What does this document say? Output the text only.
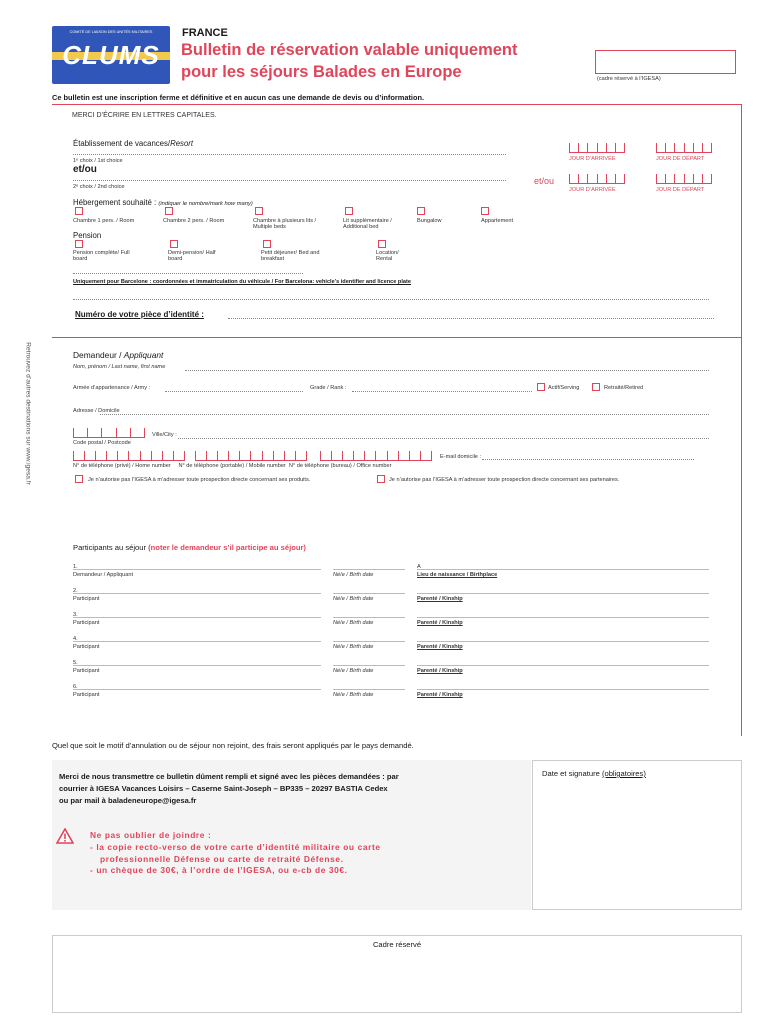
COMITÉ DE LIAISON DES UNITÉS MILITAIRES
CLUMS
FRANCE
Bulletin de réservation valable uniquement
pour les séjours Balades en Europe	(cadre réservé à l’IGESA)
Ce bulletin est une inscription ferme et définitive et en aucun cas une demande de devis ou d’information.
MERCI D’ÉCRIRE EN LETTRES CAPITALES.
Établissement de vacances/Resort
1ᵉ choix / 1st choice	JOUR D’ARRIVÉE	JOUR DE DÉPART
et/ou
et/ou
2ᵉ choix / 2nd choice	JOUR D’ARRIVÉE	JOUR DE DÉPART
Hébergement souhaité : (indiquer le nombre/mark how many)
Chambre 1 pers. / Room	Chambre 2 pers. / Room	Chambre à plusieurs lits / Multiple beds
Lit supplémentaire / Additional bed
Bungalow	Appartement
Pension
Pension complète/ Full board
Demi-pension/ Half board
Petit déjeuner/ Bed and breakfast
Location/ Rental
Uniquement pour Barcelone : coordonnées et immatriculation du véhicule / For Barcelona: vehicle’s identifier and licence plate
Numéro de votre pièce d’identité :
Retrouvez d’autres destinations sur www.igesa.fr	Demandeur / Appliquant
Nom, prénom / Last name, first name
Armée d’appartenance / Army :	Grade / Rank :	Actif/Serving	Retraité/Retired
Adresse / Domicile
Code postal / Postcode
Ville/City :
E-mail domicile :
N° de téléphone (privé) / Home number     N° de téléphone (portable) / Mobile number  N° de téléphone (bureau) / Office number
Je n’autorise pas l’IGESA à m’adresser toute prospection directe concernant ses produits.	Je n’autorise pas l’IGESA à m’adresser toute prospection directe concernant ses partenaires.
Participants au séjour (noter le demandeur s’il participe au séjour)
1.
Demandeur / Appliquant	Né/e / Birth date
A
Lieu de naissance / Birthplace
2.
Participant	Né/e / Birth date	Parenté / Kinship
3.
Participant	Né/e / Birth date	Parenté / Kinship
4.
Participant	Né/e / Birth date	Parenté / Kinship
5.
Participant	Né/e / Birth date	Parenté / Kinship
6.
Participant	Né/e / Birth date	Parenté / Kinship
Quel que soit le motif d’annulation ou de séjour non rejoint, des frais seront appliqués par le pays demandé.
Merci de nous transmettre ce bulletin dûment rempli et signé avec les pièces demandées : par
courrier à IGESA Vacances Loisirs – Caserne Saint-Joseph – BP335 – 20297 BASTIA Cedex
ou par mail à baladeneurope@igesa.fr
Ne pas oublier de joindre :
- la copie recto-verso de votre carte d’identité militaire ou carte
professionnelle Défense ou carte de retraité Défense.
- un chèque de 30€, à l’ordre de l’IGESA, ou e-cb de 30€.
Date et signature (obligatoires)
Cadre réservé
